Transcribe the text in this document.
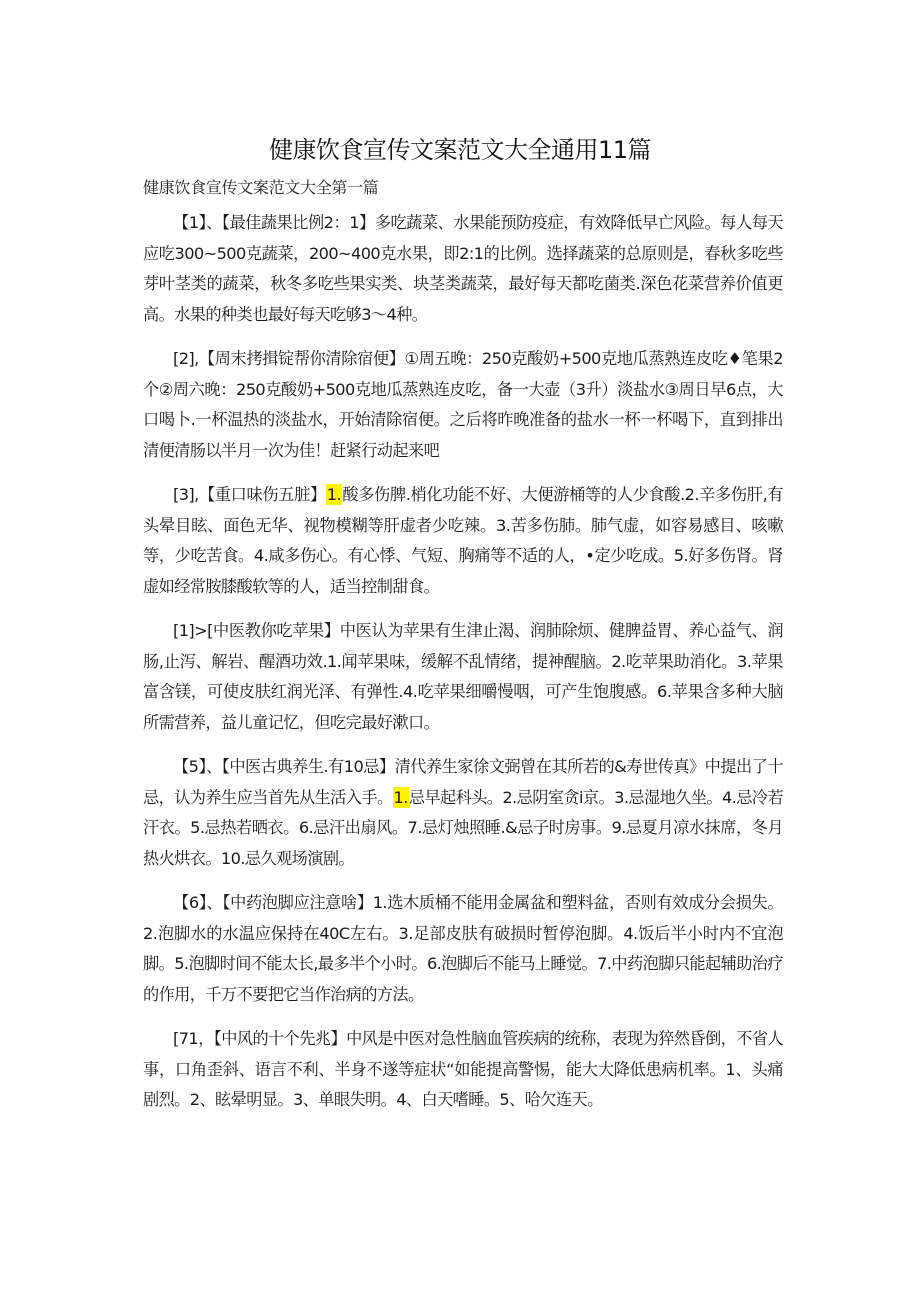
健康饮食宣传文案范文大全通用11篇
健康饮食宣传文案范文大全第一篇

【1】、【最佳蔬果比例2：1】多吃蔬菜、水果能预防疫症，有效降低早亡风险。每人每天应吃300~500克蔬菜，200~400克水果，即2:1的比例。选择蔬菜的总原则是，春秋多吃些芽叶茎类的蔬菜，秋冬多吃些果实类、块茎类蔬菜，最好每天都吃菌类.深色花菜营养价值更高。水果的种类也最好每天吃够3～4种。

[2],【周末拷揖锭帮你清除宿便】①周五晚：250克酸奶+500克地瓜蒸熟连皮吃♦笔果2个②周六晚：250克酸奶+500克地瓜蒸熟连皮吃，备一大壶（3升）淡盐水③周日早6点，大口喝卜.一杯温热的淡盐水，开始清除宿便。之后将昨晚准备的盐水一杯一杯喝下，直到排出清便清肠以半月一次为佳！赶紧行动起来吧

[3],【重口味伤五脏】1.酸多伤脾.梢化功能不好、大便游桶等的人少食酸.2.辛多伤肝,有头晕目眩、面色无华、视物模糊等肝虚者少吃辣。3.苦多伤肺。肺气虚，如容易感目、咳嗽等，少吃苦食。4.咸多伤心。有心悸、气短、胸痛等不适的人，•定少吃成。5.好多伤肾。肾虚如经常胺膝酸软等的人，适当控制甜食。

[1]>[中医教你吃苹果】中医认为苹果有生津止渴、润肺除烦、健脾益胃、养心益气、润肠,止泻、解岩、醒酒功效.1.闻苹果味，缓解不乱情绪，提神醒脑。2.吃苹果助消化。3.苹果富含镁，可使皮肤红润光泽、有弹性.4.吃苹果细嚼慢咽，可产生饱腹感。6.苹果含多种大脑所需营养，益儿童记忆，但吃完最好漱口。

【5】、【中医古典养生.有10忌】清代养生家徐文弼曾在其所若的&寿世传真》中提出了十忌，认为养生应当首先从生活入手。1.忌早起科头。2.忌阴室贪i京。3.忌湿地久坐。4.忌冷若汗衣。5.忌热若晒衣。6.忌汗出扇风。7.忌灯烛照睡.&忌子时房事。9.忌夏月凉水抹席，冬月热火烘衣。10.忌久观场演剧。

【6】、【中药泡脚应注意啥】1.选木质桶不能用金属盆和塑料盆，否则有效成分会损失。2.泡脚水的水温应保持在40C左右。3.足部皮肤有破损时暂停泡脚。4.饭后半小时内不宜泡脚。5.泡脚时间不能太长,最多半个小时。6.泡脚后不能马上睡觉。7.中药泡脚只能起辅助治疗的作用，千万不要把它当作治病的方法。

[71，【中风的十个先兆】中风是中医对急性脑血管疾病的统称，表现为猝然昏倒，不省人事，口角歪斜、语言不利、半身不遂等症状“如能提高警惕，能大大降低患病机率。1、头痛剧烈。2、眩晕明显。3、单眼失明。4、白天嗜睡。5、哈欠连天。
